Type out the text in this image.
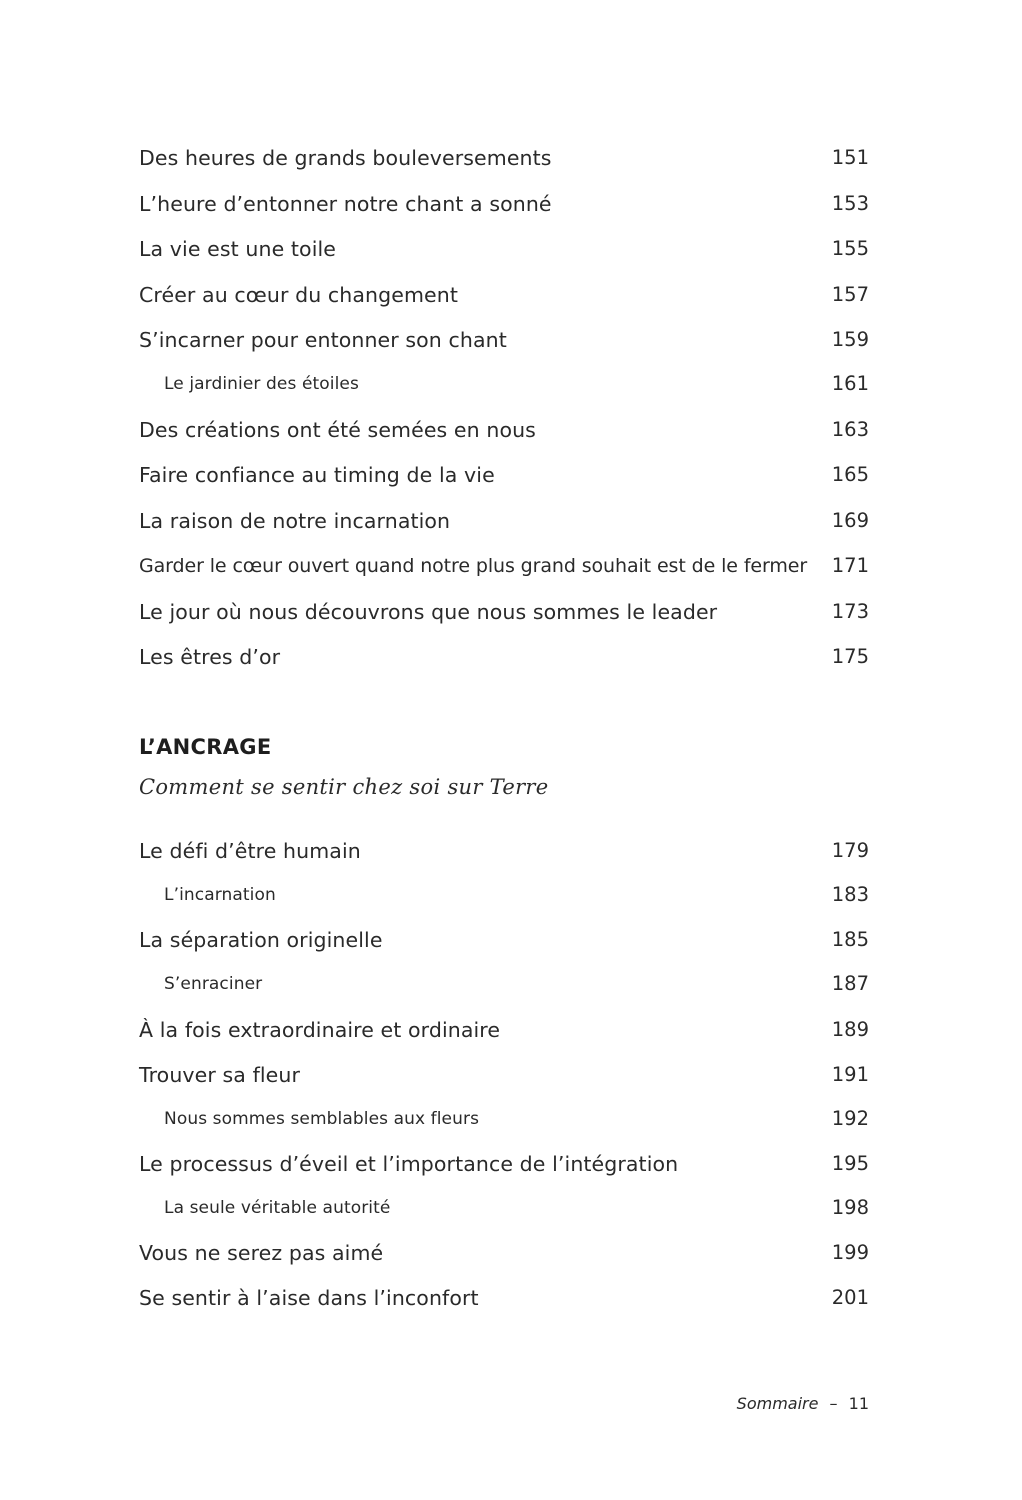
Des heures de grands bouleversements	151
L’heure d’entonner notre chant a sonné	153
La vie est une toile	155
Créer au cœur du changement	157
S’incarner pour entonner son chant	159
Le jardinier des étoiles	161
Des créations ont été semées en nous	163
Faire confiance au timing de la vie	165
La raison de notre incarnation	169
Garder le cœur ouvert quand notre plus grand souhait est de le fermer 171
Le jour où nous découvrons que nous sommes le leader	173
Les êtres d’or	175
L’ANCRAGE
Comment se sentir chez soi sur Terre
Le défi d’être humain	179
L’incarnation	183
La séparation originelle	185
S’enraciner	187
À la fois extraordinaire et ordinaire	189
Trouver sa fleur	191
Nous sommes semblables aux fleurs	192
Le processus d’éveil et l’importance de l’intégration	195
La seule véritable autorité	198
Vous ne serez pas aimé	199
Se sentir à l’aise dans l’inconfort	201
Sommaire – 11
